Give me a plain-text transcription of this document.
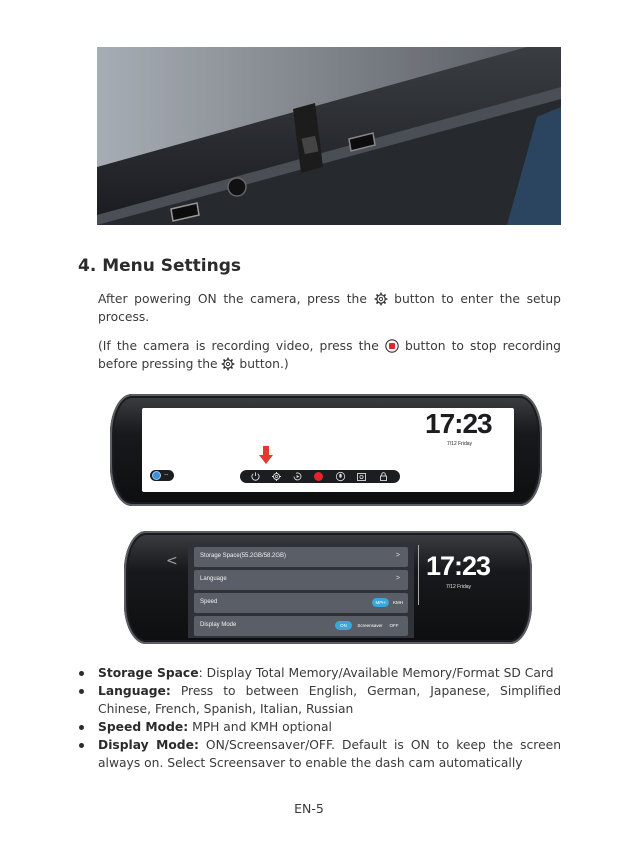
4. Menu Settings

After powering ON the camera, press the button to enter the setup process.

(If the camera is recording video, press the button to stop recording before pressing the button.)

17:23
7/12 Friday
--
<	Storage Space(55.2GB/58.2GB)	>
Language	>
Speed	MPH	KMH
Display Mode	ON	Screensaver	OFF
17:23
7/12 Friday
Storage Space: Display Total Memory/Available Memory/Format SD Card
Language: Press to between English, German, Japanese, Simplified Chinese, French, Spanish, Italian, Russian
Speed Mode: MPH and KMH optional
Display Mode: ON/Screensaver/OFF. Default is ON to keep the screen always on. Select Screensaver to enable the dash cam automatically
EN-5
